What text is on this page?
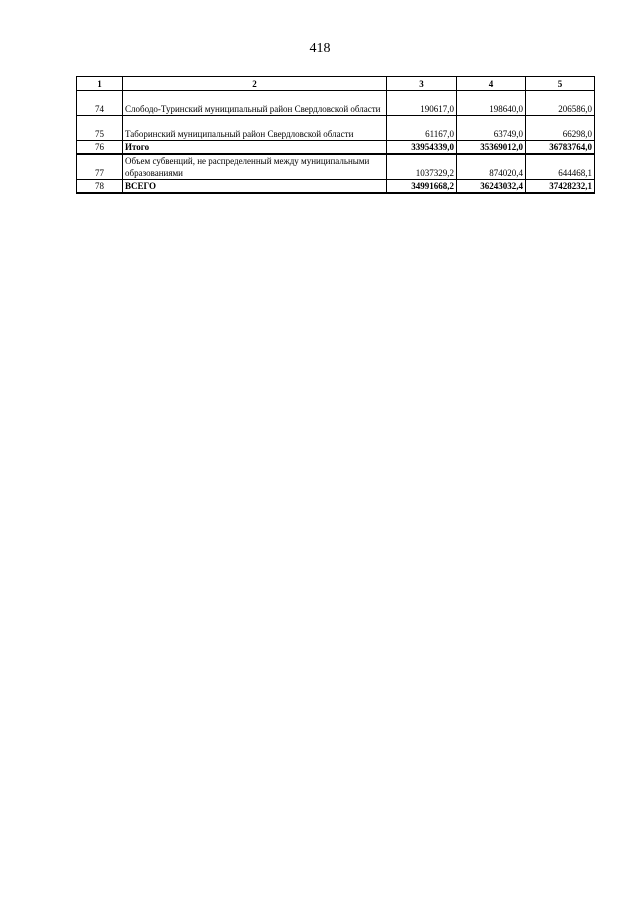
418
1	2	3	4	5
74	Слободо-Туринский муниципальный район Свердловской области	190617,0	198640,0	206586,0
75	Таборинский муниципальный район Свердловской области	61167,0	63749,0	66298,0
76	Итого	33954339,0	35369012,0	36783764,0
77	Объем субвенций, не распределенный между муниципальными образованиями	1037329,2	874020,4	644468,1
78	ВСЕГО	34991668,2	36243032,4	37428232,1
